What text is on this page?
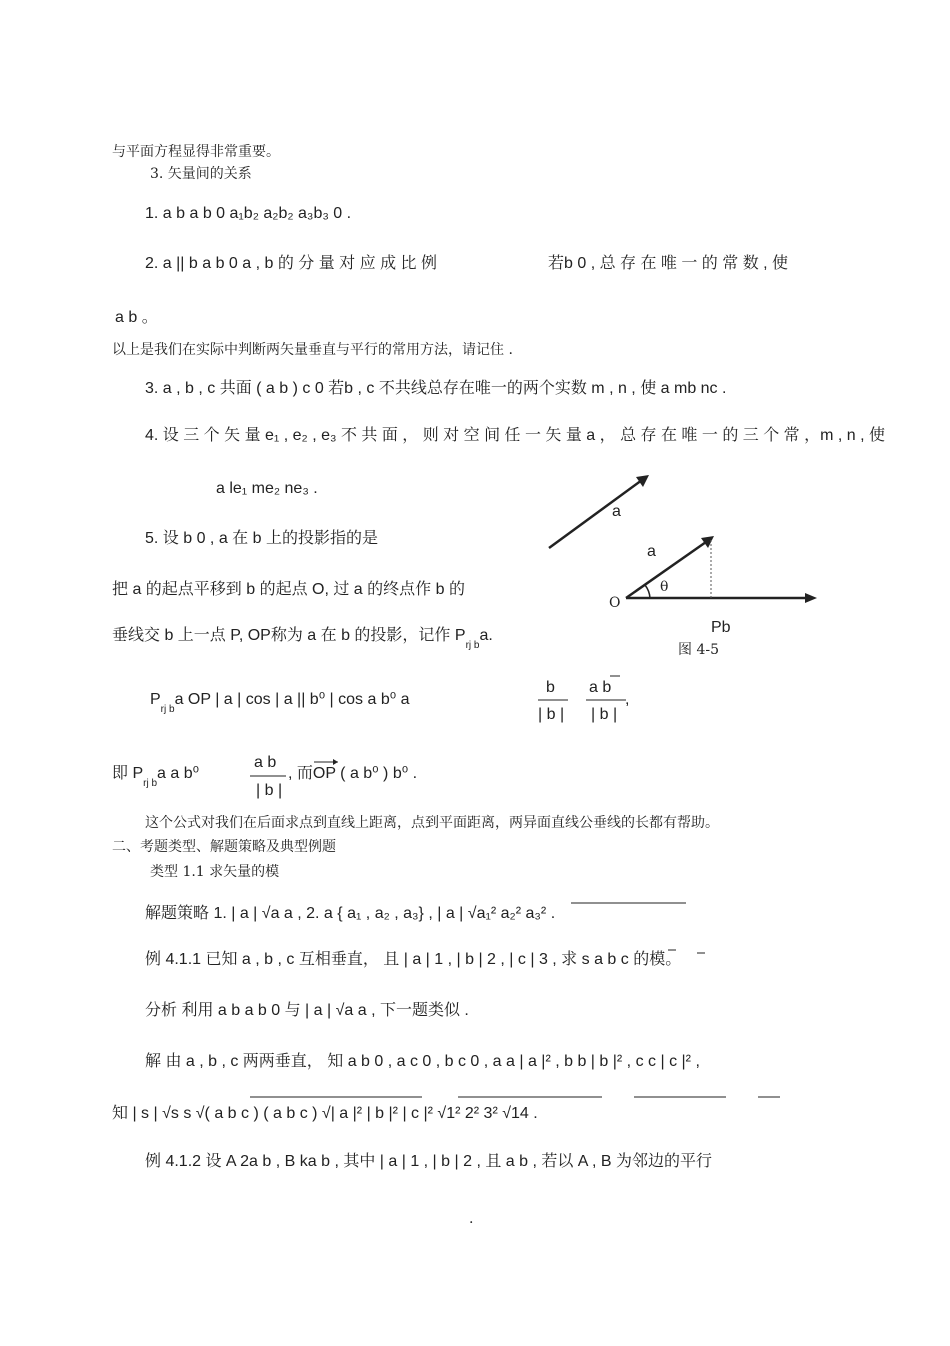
与平面方程显得非常重要。
3. 矢量间的关系
1. a b a b 0 a₁b₂ a₂b₂ a₃b₃ 0 .
2. a || b a b 0 a , b 的 分 量 对 应 成 比 例	若b 0 , 总 存 在 唯 一 的 常 数 , 使
a b 。
以上是我们在实际中判断两矢量垂直与平行的常用方法，请记住 .
3. a , b , c 共面 ( a b ) c 0 若b , c 不共线总存在唯一的两个实数 m , n , 使 a mb nc .
4. 设 三 个 矢 量 e₁ , e₂ , e₃ 不 共 面 ， 则 对 空 间 任 一 矢 量 a ， 总 存 在 唯 一 的 三 个 常 ，m , n , 使
a le₁ me₂ ne₃ .
5. 设 b 0 , a 在 b 上的投影指的是
把 a 的起点平移到 b 的起点 O, 过 a 的终点作 b 的
垂线交 b 上一点 P, OP称为 a 在 b 的投影，记作 $P_{rj b}a$.
$P_{rj b}a$ OP | a | cos | a || b⁰ | cos a b⁰ a
b
| b |
a b
| b |
,
即 $P_{rj b}a$ a b⁰
a b
| b |
, 而OP ( a b⁰ ) b⁰ .
这个公式对我们在后面求点到直线上距离，点到平面距离，两异面直线公垂线的长都有帮助。
二、考题类型、解题策略及典型例题
类型 1.1 求矢量的模
解题策略 1. | a | √a a , 2. a { a₁ , a₂ , a₃} , | a | √a₁² a₂² a₃² .
例 4.1.1 已知 a , b , c 互相垂直， 且 | a | 1 , | b | 2 , | c | 3 , 求 s a b c 的模。
分析 利用 a b a b 0 与 | a | √a a , 下一题类似 .
解 由 a , b , c 两两垂直， 知 a b 0 , a c 0 , b c 0 , a a | a |² , b b | b |² , c c | c |² ,
知 | s | √s s √( a b c ) ( a b c ) √| a |² | b |² | c |² √1² 2² 3² √14 .
例 4.1.2 设 A 2a b , B ka b , 其中 | a | 1 , | b | 2 , 且 a b , 若以 A , B 为邻边的平行
a
a
θ
O
Pb
图 4-5
.
